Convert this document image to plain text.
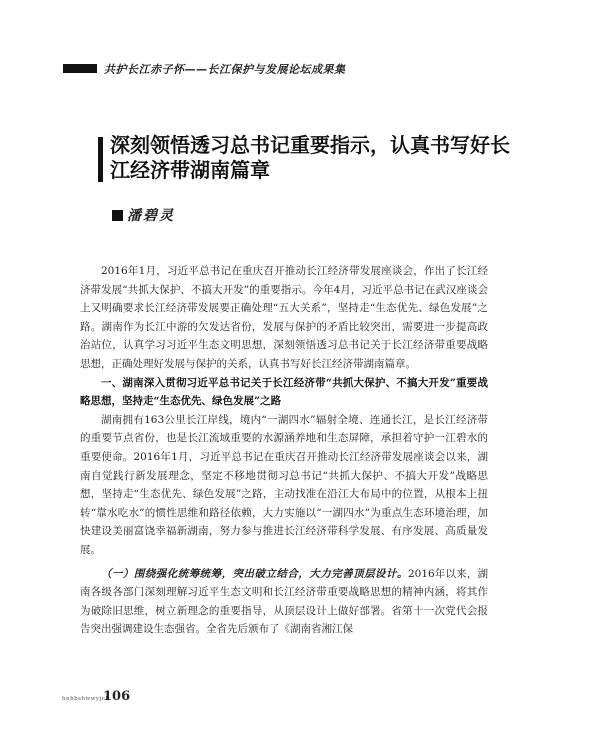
共护长江赤子怀——长江保护与发展论坛成果集
深刻领悟透习总书记重要指示，认真书写好长江经济带湖南篇章
潘碧灵

2016年1月，习近平总书记在重庆召开推动长江经济带发展座谈会，作出了长江经济带发展“共抓大保护、不搞大开发”的重要指示。今年4月，习近平总书记在武汉座谈会上又明确要求长江经济带发展要正确处理“五大关系”，坚持走“生态优先、绿色发展”之路。湖南作为长江中游的欠发达省份，发展与保护的矛盾比较突出，需要进一步提高政治站位，认真学习习近平生态文明思想，深刻领悟透习总书记关于长江经济带重要战略思想，正确处理好发展与保护的关系，认真书写好长江经济带湖南篇章。

一、湖南深入贯彻习近平总书记关于长江经济带“共抓大保护、不搞大开发”重要战略思想，坚持走“生态优先、绿色发展”之路

湖南拥有163公里长江岸线，境内“一湖四水”辐射全境、连通长江，是长江经济带的重要节点省份，也是长江流域重要的水源涵养地和生态屏障，承担着守护一江碧水的重要使命。2016年1月，习近平总书记在重庆召开推动长江经济带发展座谈会以来，湖南自觉践行新发展理念，坚定不移地贯彻习总书记“共抓大保护、不搞大开发”战略思想，坚持走“生态优先、绿色发展”之路，主动找准在沿江大布局中的位置，从根本上扭转“靠水吃水”的惯性思维和路径依赖，大力实施以“一湖四水”为重点生态环境治理，加快建设美丽富饶幸福新湖南，努力参与推进长江经济带科学发展、有序发展、高质量发展。

（一）围绕强化统筹统筹，突出破立结合，大力完善顶层设计。2016年以来，湖南各级各部门深刻理解习近平生态文明和长江经济带重要战略思想的精神内涵，将其作为破除旧思维，树立新理念的重要指导，从顶层设计上做好部署。省第十一次党代会报告突出强调建设生态强省。全省先后颁布了《湖南省湘江保

hnhbshwwyjcl
106
